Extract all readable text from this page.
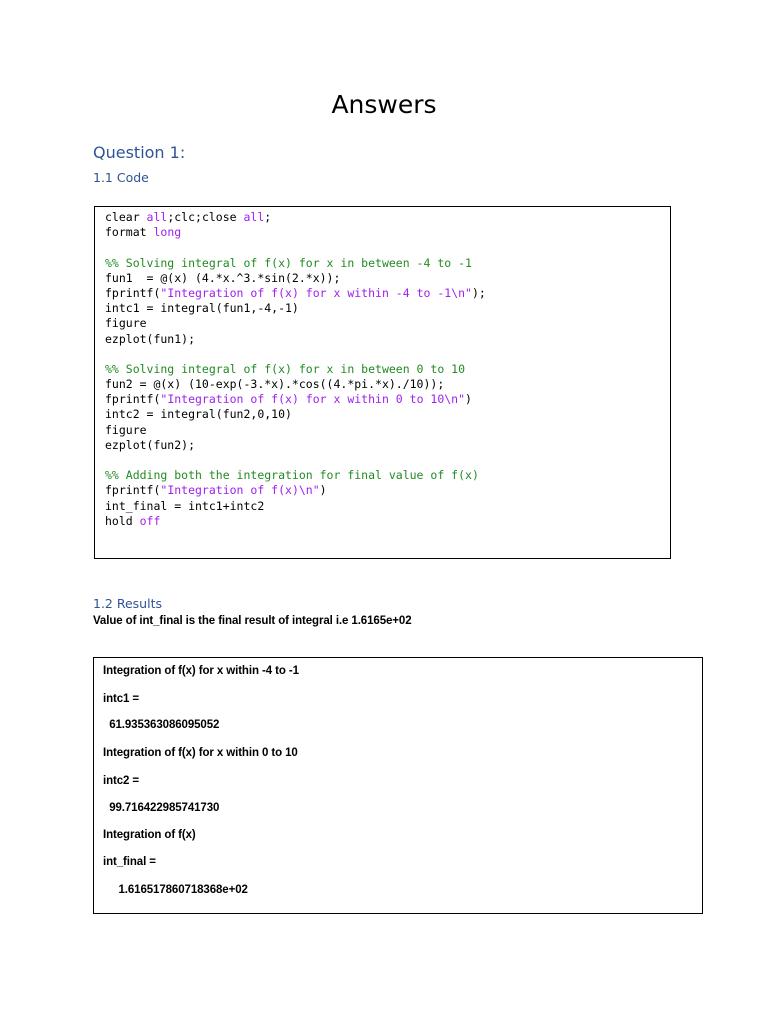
Answers
Question 1:
1.1 Code
clear all;clc;close all;
format long
%% Solving integral of f(x) for x in between -4 to -1
fun1  = @(x) (4.*x.^3.*sin(2.*x));
fprintf("Integration of f(x) for x within -4 to -1\n");
intc1 = integral(fun1,-4,-1)
figure
ezplot(fun1);
%% Solving integral of f(x) for x in between 0 to 10
fun2 = @(x) (10-exp(-3.*x).*cos((4.*pi.*x)./10));
fprintf("Integration of f(x) for x within 0 to 10\n")
intc2 = integral(fun2,0,10)
figure
ezplot(fun2);
%% Adding both the integration for final value of f(x)
fprintf("Integration of f(x)\n")
int_final = intc1+intc2
hold off
1.2 Results

Value of int_final is the final result of integral i.e 1.6165e+02

Integration of f(x) for x within -4 to -1
intc1 =
61.935363086095052
Integration of f(x) for x within 0 to 10
intc2 =
99.716422985741730
Integration of f(x)
int_final =
1.616517860718368e+02
